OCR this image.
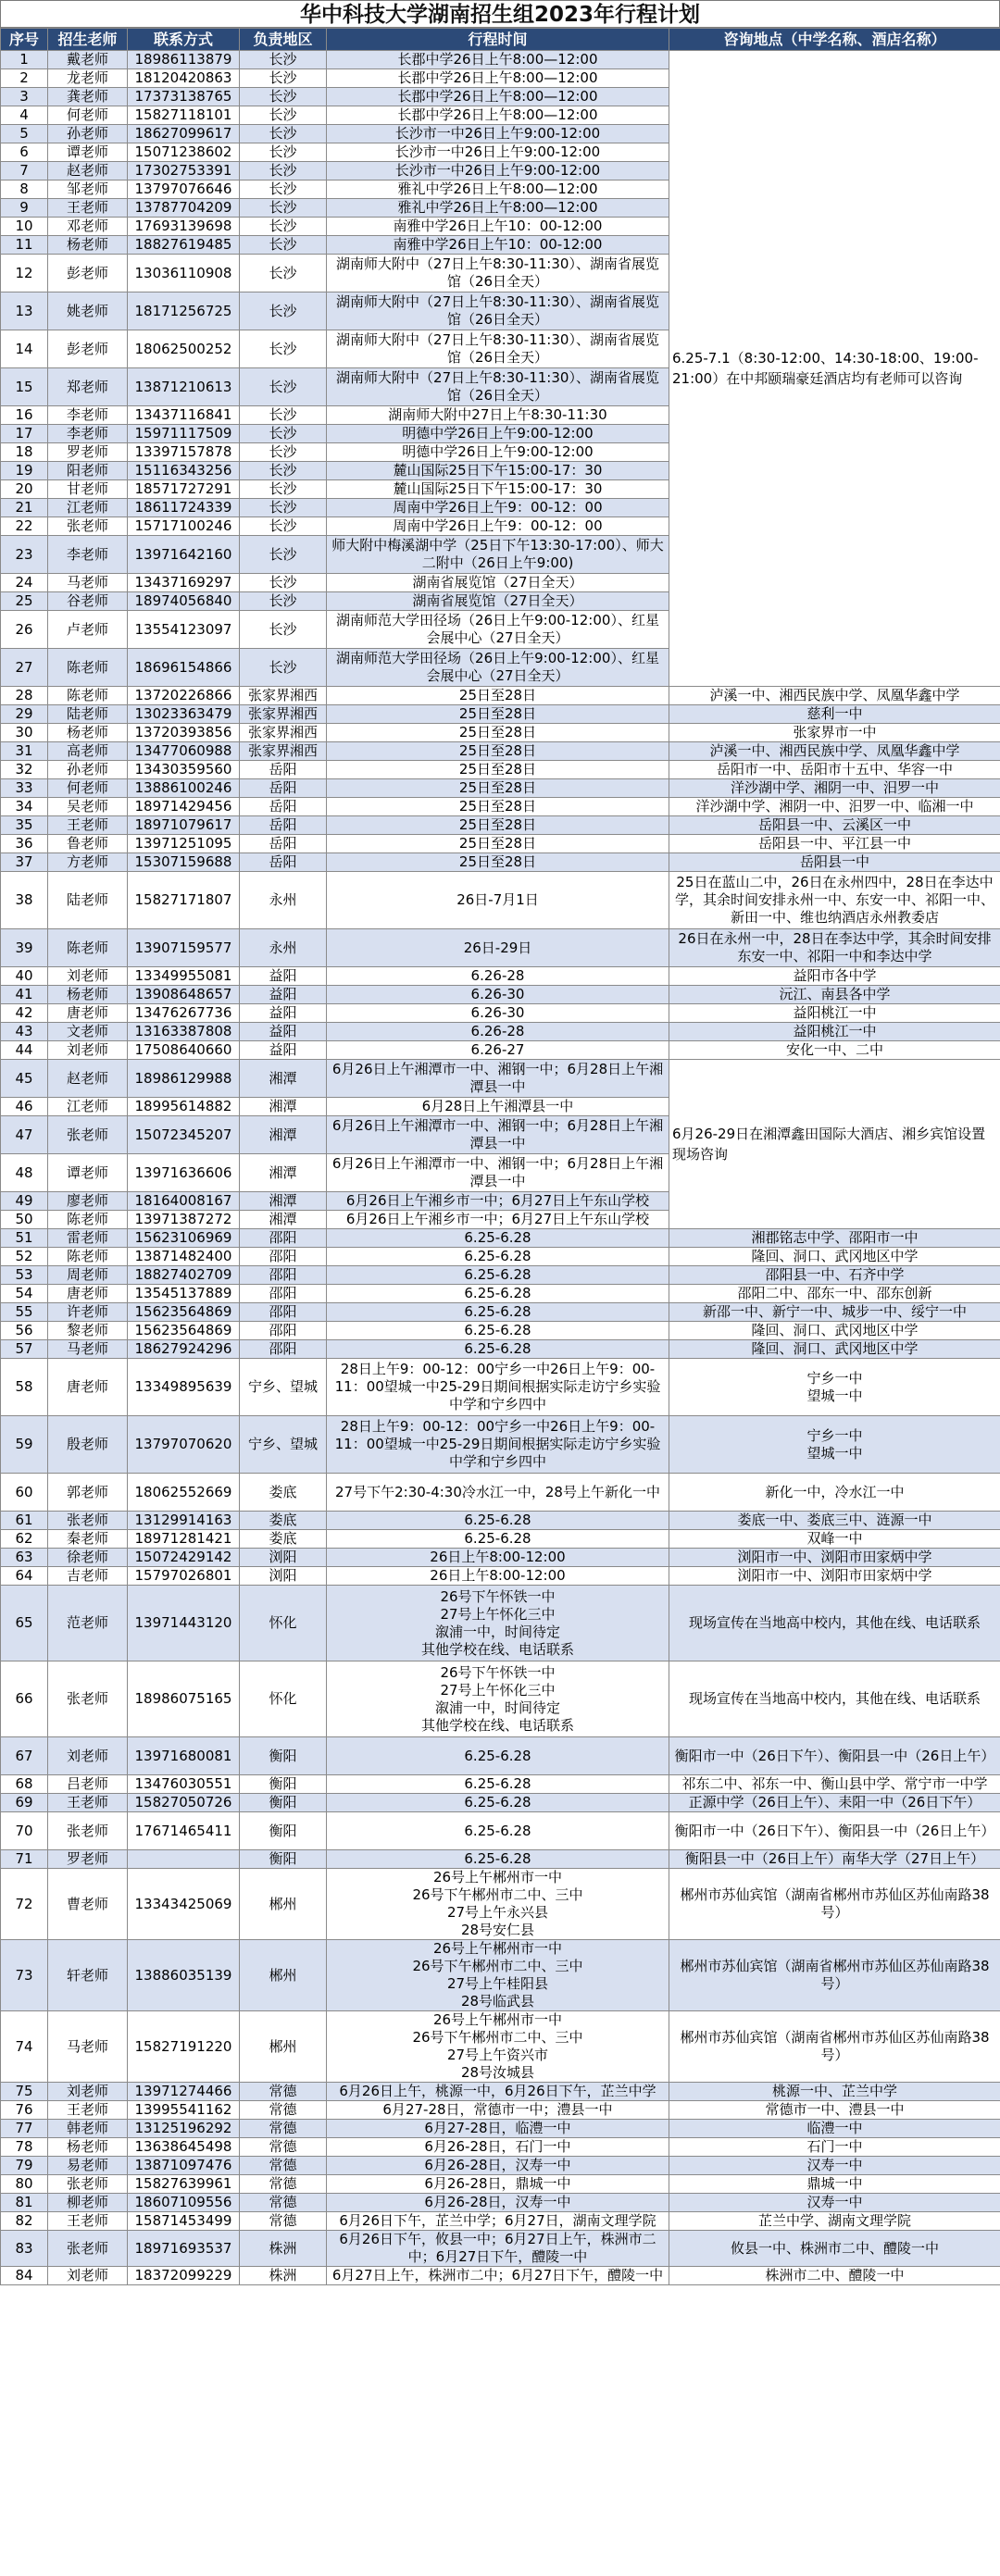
华中科技大学湖南招生组2023年行程计划
序号	招生老师	联系方式	负责地区	行程时间	咨询地点（中学名称、酒店名称）
1	戴老师	18986113879	长沙	长郡中学26日上午8:00—12:00	6.25-7.1（8:30-12:00、14:30-18:00、19:00-21:00）在中邦颐瑞豪廷酒店均有老师可以咨询
2	龙老师	18120420863	长沙	长郡中学26日上午8:00—12:00	
3	龚老师	17373138765	长沙	长郡中学26日上午8:00—12:00	
4	何老师	15827118101	长沙	长郡中学26日上午8:00—12:00	
5	孙老师	18627099617	长沙	长沙市一中26日上午9:00-12:00	
6	谭老师	15071238602	长沙	长沙市一中26日上午9:00-12:00	
7	赵老师	17302753391	长沙	长沙市一中26日上午9:00-12:00	
8	邹老师	13797076646	长沙	雅礼中学26日上午8:00—12:00	
9	王老师	13787704209	长沙	雅礼中学26日上午8:00—12:00	
10	邓老师	17693139698	长沙	南雅中学26日上午10：00-12:00	
11	杨老师	18827619485	长沙	南雅中学26日上午10：00-12:00	
12	彭老师	13036110908	长沙	湖南师大附中（27日上午8:30-11:30）、湖南省展览馆（26日全天）	
13	姚老师	18171256725	长沙	湖南师大附中（27日上午8:30-11:30）、湖南省展览馆（26日全天）	
14	彭老师	18062500252	长沙	湖南师大附中（27日上午8:30-11:30）、湖南省展览馆（26日全天）	
15	郑老师	13871210613	长沙	湖南师大附中（27日上午8:30-11:30）、湖南省展览馆（26日全天）	
16	李老师	13437116841	长沙	湖南师大附中27日上午8:30-11:30	
17	李老师	15971117509	长沙	明德中学26日上午9:00-12:00	
18	罗老师	13397157878	长沙	明德中学26日上午9:00-12:00	
19	阳老师	15116343256	长沙	麓山国际25日下午15:00-17：30	
20	甘老师	18571727291	长沙	麓山国际25日下午15:00-17：30	
21	江老师	18611724339	长沙	周南中学26日上午9：00-12：00	
22	张老师	15717100246	长沙	周南中学26日上午9：00-12：00	
23	李老师	13971642160	长沙	师大附中梅溪湖中学（25日下午13:30-17:00）、师大二附中（26日上午9:00)	
24	马老师	13437169297	长沙	湖南省展览馆（27日全天）	
25	谷老师	18974056840	长沙	湖南省展览馆（27日全天）	
26	卢老师	13554123097	长沙	湖南师范大学田径场（26日上午9:00-12:00）、红星会展中心（27日全天）	
27	陈老师	18696154866	长沙	湖南师范大学田径场（26日上午9:00-12:00）、红星会展中心（27日全天）	
28	陈老师	13720226866	张家界湘西	25日至28日	泸溪一中、湘西民族中学、凤凰华鑫中学
29	陆老师	13023363479	张家界湘西	25日至28日	慈利一中
30	杨老师	13720393856	张家界湘西	25日至28日	张家界市一中
31	高老师	13477060988	张家界湘西	25日至28日	泸溪一中、湘西民族中学、凤凰华鑫中学
32	孙老师	13430359560	岳阳	25日至28日	岳阳市一中、岳阳市十五中、华容一中
33	何老师	13886100246	岳阳	25日至28日	洋沙湖中学、湘阴一中、汨罗一中
34	吴老师	18971429456	岳阳	25日至28日	洋沙湖中学、湘阴一中、汨罗一中、临湘一中
35	王老师	18971079617	岳阳	25日至28日	岳阳县一中、云溪区一中
36	鲁老师	13971251095	岳阳	25日至28日	岳阳县一中、平江县一中
37	方老师	15307159688	岳阳	25日至28日	岳阳县一中
38	陆老师	15827171807	永州	26日-7月1日	25日在蓝山二中，26日在永州四中，28日在李达中学，其余时间安排永州一中、东安一中、祁阳一中、新田一中、维也纳酒店永州教委店
39	陈老师	13907159577	永州	26日-29日	26日在永州一中，28日在李达中学，其余时间安排东安一中、祁阳一中和李达中学
40	刘老师	13349955081	益阳	6.26-28	益阳市各中学
41	杨老师	13908648657	益阳	6.26-30	沅江、南县各中学
42	唐老师	13476267736	益阳	6.26-30	益阳桃江一中
43	文老师	13163387808	益阳	6.26-28	益阳桃江一中
44	刘老师	17508640660	益阳	6.26-27	安化一中、二中
45	赵老师	18986129988	湘潭	6月26日上午湘潭市一中、湘钢一中；6月28日上午湘潭县一中	6月26-29日在湘潭鑫田国际大酒店、湘乡宾馆设置现场咨询
46	江老师	18995614882	湘潭	6月28日上午湘潭县一中	
47	张老师	15072345207	湘潭	6月26日上午湘潭市一中、湘钢一中；6月28日上午湘潭县一中	
48	谭老师	13971636606	湘潭	6月26日上午湘潭市一中、湘钢一中；6月28日上午湘潭县一中	
49	廖老师	18164008167	湘潭	6月26日上午湘乡市一中；6月27日上午东山学校	
50	陈老师	13971387272	湘潭	6月26日上午湘乡市一中；6月27日上午东山学校	
51	雷老师	15623106969	邵阳	6.25-6.28	湘郡铭志中学、邵阳市一中
52	陈老师	13871482400	邵阳	6.25-6.28	隆回、洞口、武冈地区中学
53	周老师	18827402709	邵阳	6.25-6.28	邵阳县一中、石齐中学
54	唐老师	13545137889	邵阳	6.25-6.28	邵阳二中、邵东一中、邵东创新
55	许老师	15623564869	邵阳	6.25-6.28	新邵一中、新宁一中、城步一中、绥宁一中
56	黎老师	15623564869	邵阳	6.25-6.28	隆回、洞口、武冈地区中学
57	马老师	18627924296	邵阳	6.25-6.28	隆回、洞口、武冈地区中学
58	唐老师	13349895639	宁乡、望城	28日上午9：00-12：00宁乡一中26日上午9：00-11：00望城一中25-29日期间根据实际走访宁乡实验中学和宁乡四中	宁乡一中
望城一中
59	殷老师	13797070620	宁乡、望城	28日上午9：00-12：00宁乡一中26日上午9：00-11：00望城一中25-29日期间根据实际走访宁乡实验中学和宁乡四中	宁乡一中
望城一中
60	郭老师	18062552669	娄底	27号下午2:30-4:30冷水江一中，28号上午新化一中	新化一中，冷水江一中
61	张老师	13129914163	娄底	6.25-6.28	娄底一中、娄底三中、涟源一中
62	秦老师	18971281421	娄底	6.25-6.28	双峰一中
63	徐老师	15072429142	浏阳	26日上午8:00-12:00	浏阳市一中、浏阳市田家炳中学
64	吉老师	15797026801	浏阳	26日上午8:00-12:00	浏阳市一中、浏阳市田家炳中学
65	范老师	13971443120	怀化	26号下午怀铁一中
27号上午怀化三中
溆浦一中，时间待定
其他学校在线、电话联系	现场宣传在当地高中校内，其他在线、电话联系
66	张老师	18986075165	怀化	26号下午怀铁一中
27号上午怀化三中
溆浦一中，时间待定
其他学校在线、电话联系	现场宣传在当地高中校内，其他在线、电话联系
67	刘老师	13971680081	衡阳	6.25-6.28	衡阳市一中（26日下午）、衡阳县一中（26日上午）
68	吕老师	13476030551	衡阳	6.25-6.28	祁东二中、祁东一中、衡山县中学、常宁市一中学
69	王老师	15827050726	衡阳	6.25-6.28	正源中学（26日上午）、耒阳一中（26日下午）
70	张老师	17671465411	衡阳	6.25-6.28	衡阳市一中（26日下午）、衡阳县一中（26日上午）
71	罗老师		衡阳	6.25-6.28	衡阳县一中（26日上午）南华大学（27日上午）
72	曹老师	13343425069	郴州	26号上午郴州市一中
26号下午郴州市二中、三中
27号上午永兴县
28号安仁县	郴州市苏仙宾馆（湖南省郴州市苏仙区苏仙南路38号）
73	轩老师	13886035139	郴州	26号上午郴州市一中
26号下午郴州市二中、三中
27号上午桂阳县
28号临武县	郴州市苏仙宾馆（湖南省郴州市苏仙区苏仙南路38号）
74	马老师	15827191220	郴州	26号上午郴州市一中
26号下午郴州市二中、三中
27号上午资兴市
28号汝城县	郴州市苏仙宾馆（湖南省郴州市苏仙区苏仙南路38号）
75	刘老师	13971274466	常德	6月26日上午，桃源一中，6月26日下午，芷兰中学	桃源一中、芷兰中学
76	王老师	13995541162	常德	6月27-28日，常德市一中；澧县一中	常德市一中、澧县一中
77	韩老师	13125196292	常德	6月27-28日，临澧一中	临澧一中
78	杨老师	13638645498	常德	6月26-28日，石门一中	石门一中
79	易老师	13871097476	常德	6月26-28日，汉寿一中	汉寿一中
80	张老师	15827639961	常德	6月26-28日，鼎城一中	鼎城一中
81	柳老师	18607109556	常德	6月26-28日，汉寿一中	汉寿一中
82	王老师	15871453499	常德	6月26日下午，芷兰中学；6月27日，湖南文理学院	芷兰中学、湖南文理学院
83	张老师	18971693537	株洲	6月26日下午，攸县一中；6月27日上午，株洲市二中；6月27日下午，醴陵一中	攸县一中、株洲市二中、醴陵一中
84	刘老师	18372099229	株洲	6月27日上午，株洲市二中；6月27日下午，醴陵一中	株洲市二中、醴陵一中
